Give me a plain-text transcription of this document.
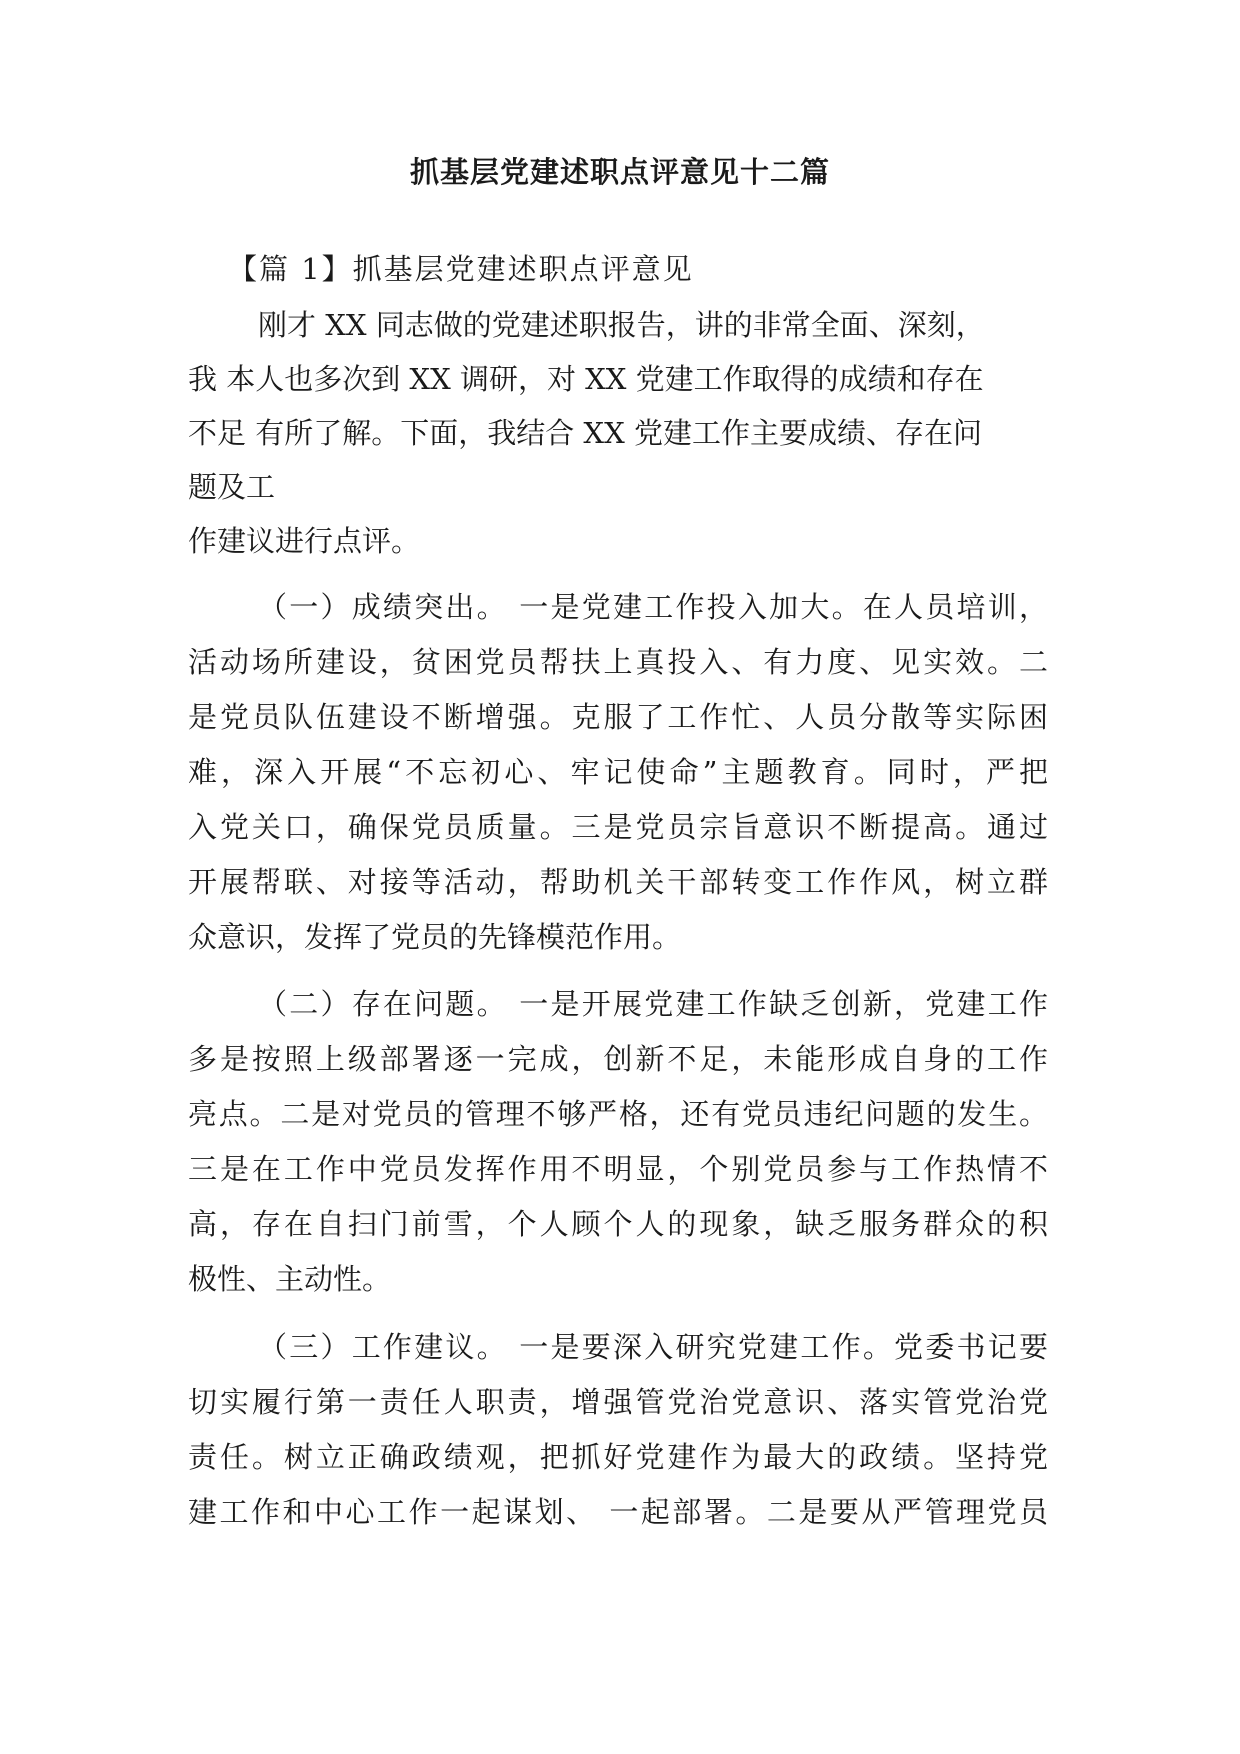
抓基层党建述职点评意见十二篇
【篇 1】抓基层党建述职点评意见
刚才 XX 同志做的党建述职报告，讲的非常全面、深刻，
我 本人也多次到 XX 调研，对 XX 党建工作取得的成绩和存在
不足 有所了解。下面，我结合 XX 党建工作主要成绩、存在问
题及工
作建议进行点评。
（一）成绩突出。 一是党建工作投入加大。在人员培训，
活动场所建设，贫困党员帮扶上真投入、有力度、见实效。二
是党员队伍建设不断增强。克服了工作忙、人员分散等实际困
难，深入开展“不忘初心、牢记使命”主题教育。同时，严把
入党关口，确保党员质量。三是党员宗旨意识不断提高。通过
开展帮联、对接等活动，帮助机关干部转变工作作风，树立群
众意识，发挥了党员的先锋模范作用。
（二）存在问题。 一是开展党建工作缺乏创新，党建工作
多是按照上级部署逐一完成，创新不足，未能形成自身的工作
亮点。二是对党员的管理不够严格，还有党员违纪问题的发生。
三是在工作中党员发挥作用不明显，个别党员参与工作热情不
高，存在自扫门前雪，个人顾个人的现象，缺乏服务群众的积
极性、主动性。
（三）工作建议。 一是要深入研究党建工作。党委书记要
切实履行第一责任人职责，增强管党治党意识、落实管党治党
责任。树立正确政绩观，把抓好党建作为最大的政绩。坚持党
建工作和中心工作一起谋划、 一起部署。二是要从严管理党员
